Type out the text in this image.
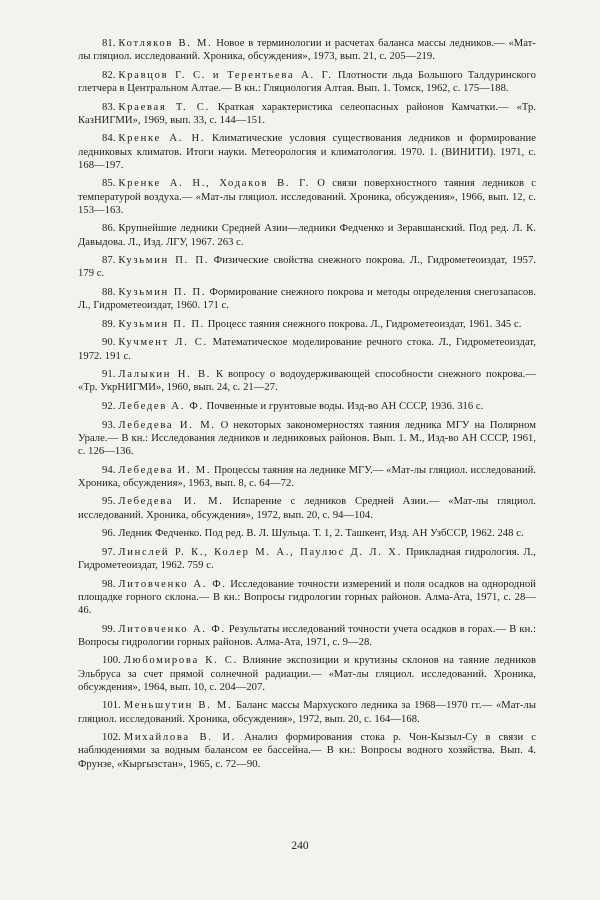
81. Котляков В. М. Новое в терминологии и расчетах баланса массы ледников.— «Мат-лы гляциол. исследований. Хроника, обсуждения», 1973, вып. 21, с. 205—219.

82. Кравцов Г. С. и Терентьева А. Г. Плотности льда Большого Талдуринского глетчера в Центральном Алтае.— В кн.: Гляциология Алтая. Вып. 1. Томск, 1962, с. 175—188.

83. Краевая Т. С. Краткая характеристика селеопасных районов Камчатки.— «Тр. КазНИГМИ», 1969, вып. 33, с. 144—151.

84. Кренке А. Н. Климатические условия существования ледников и формирование ледниковых климатов. Итоги науки. Метеорология и климатология. 1970. 1. (ВИНИТИ). 1971, с. 168—197.

85. Кренке А. Н., Ходаков В. Г. О связи поверхностного таяния ледников с температурой воздуха.— «Мат-лы гляциол. исследований. Хроника, обсуждения», 1966, вып. 12, с. 153—163.

86. Крупнейшие ледники Средней Азии—ледники Федченко и Зеравшанский. Под ред. Л. К. Давыдова. Л., Изд. ЛГУ, 1967. 263 с.

87. Кузьмин П. П. Физические свойства снежного покрова. Л., Гидрометеоиздат, 1957. 179 с.

88. Кузьмин П. П. Формирование снежного покрова и методы определения снегозапасов. Л., Гидрометеоиздат, 1960. 171 с.

89. Кузьмин П. П. Процесс таяния снежного покрова. Л., Гидрометеоиздат, 1961. 345 с.

90. Кучмент Л. С. Математическое моделирование речного стока. Л., Гидрометеоиздат, 1972. 191 с.

91. Лалыкин Н. В. К вопросу о водоудерживающей способности снежного покрова.— «Тр. УкрНИГМИ», 1960, вып. 24, с. 21—27.

92. Лебедев А. Ф. Почвенные и грунтовые воды. Изд-во АН СССР, 1936. 316 с.

93. Лебедева И. М. О некоторых закономерностях таяния ледника МГУ на Полярном Урале.— В кн.: Исследования ледников и ледниковых районов. Вып. 1. М., Изд-во АН СССР, 1961, с. 126—136.

94. Лебедева И. М. Процессы таяния на леднике МГУ.— «Мат-лы гляциол. исследований. Хроника, обсуждения», 1963, вып. 8, с. 64—72.

95. Лебедева И. М. Испарение с ледников Средней Азии.— «Мат-лы гляциол. исследований. Хроника, обсуждения», 1972, вып. 20, с. 94—104.

96. Ледник Федченко. Под ред. В. Л. Шульца. Т. 1, 2. Ташкент, Изд. АН УзбССР, 1962. 248 с.

97. Линслей Р. К., Колер М. А., Паулюс Д. Л. Х. Прикладная гидрология. Л., Гидрометеоиздат, 1962. 759 с.

98. Литовченко А. Ф. Исследование точности измерений и поля осадков на однородной площадке горного склона.— В кн.: Вопросы гидрологии горных районов. Алма-Ата, 1971, с. 28—46.

99. Литовченко А. Ф. Результаты исследований точности учета осадков в горах.— В кн.: Вопросы гидрологии горных районов. Алма-Ата, 1971, с. 9—28.

100. Любомирова К. С. Влияние экспозиции и крутизны склонов на таяние ледников Эльбруса за счет прямой солнечной радиации.— «Мат-лы гляциол. исследований. Хроника, обсуждения», 1964, вып. 10, с. 204—207.

101. Меньшутин В. М. Баланс массы Мархуского ледника за 1968—1970 гг.— «Мат-лы гляциол. исследований. Хроника, обсуждения», 1972, вып. 20, с. 164—168.

102. Михайлова В. И. Анализ формирования стока р. Чон-Кызыл-Су в связи с наблюдениями за водным балансом ее бассейна.— В кн.: Вопросы водного хозяйства. Вып. 4. Фрунзе, «Кыргызстан», 1965, с. 72—90.

240
